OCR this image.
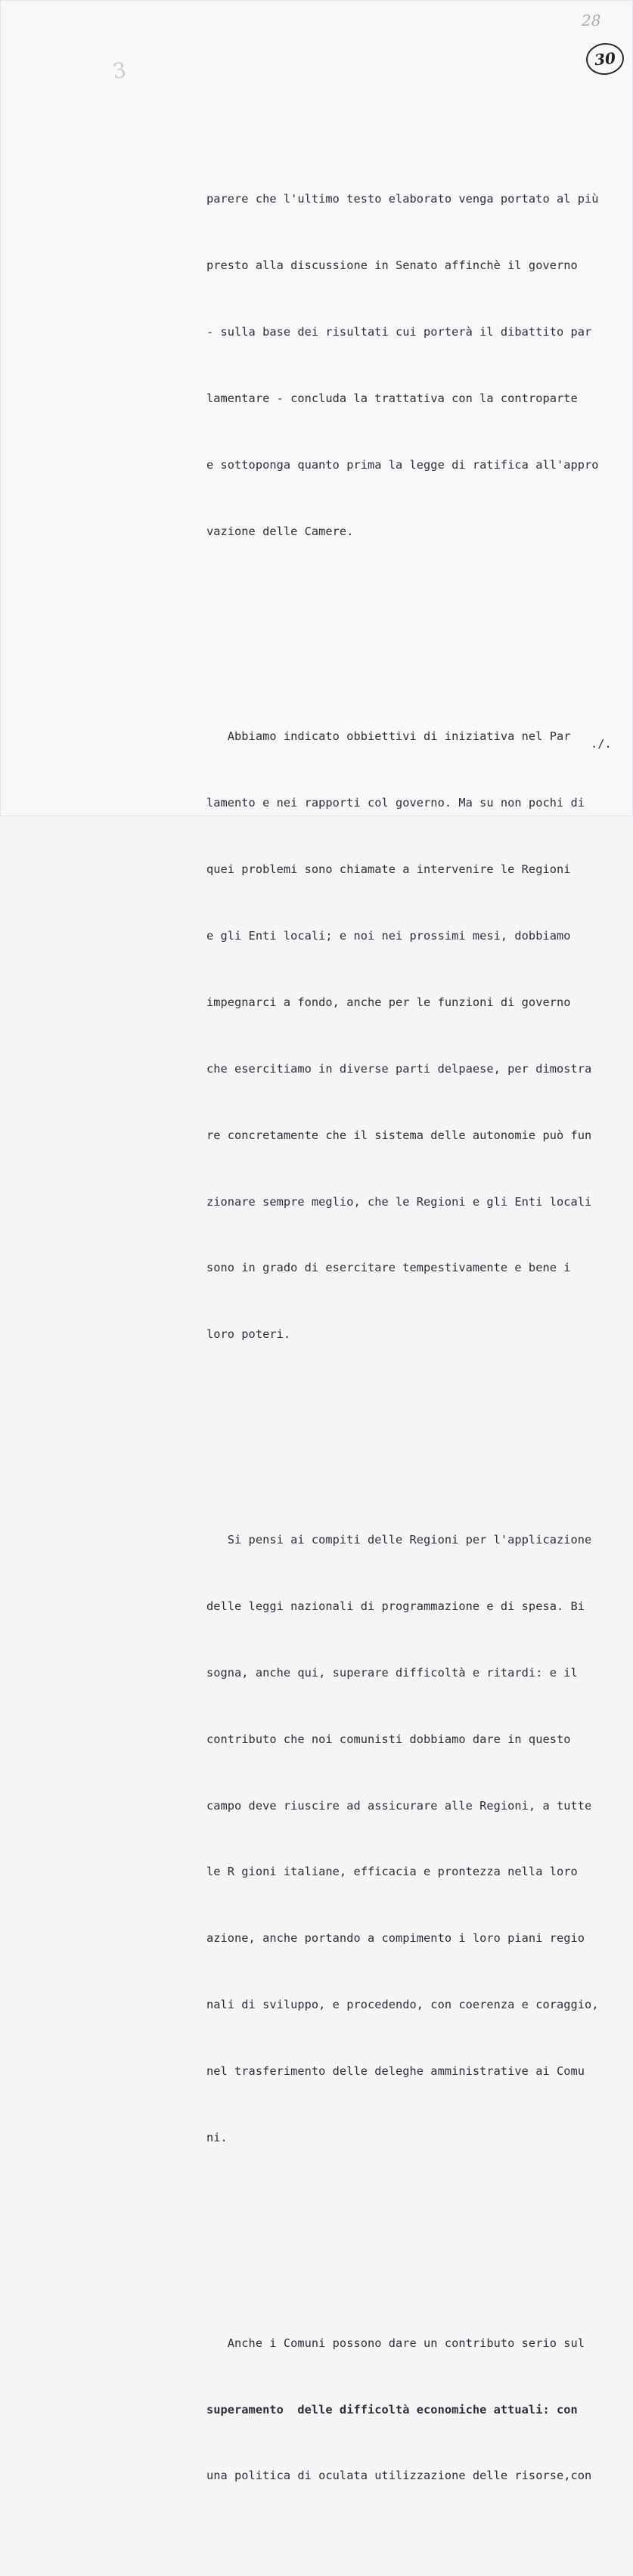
28
30
3

parere che l'ultimo testo elaborato venga portato al più

presto alla discussione in Senato affinchè il governo

- sulla base dei risultati cui porterà il dibattito par

lamentare - concluda la trattativa con la controparte

e sottoponga quanto prima la legge di ratifica all'appro

vazione delle Camere.

Abbiamo indicato obbiettivi di iniziativa nel Par

lamento e nei rapporti col governo. Ma su non pochi di

quei problemi sono chiamate a intervenire le Regioni

e gli Enti locali; e noi nei prossimi mesi, dobbiamo

impegnarci a fondo, anche per le funzioni di governo

che esercitiamo in diverse parti delpaese, per dimostra

re concretamente che il sistema delle autonomie può fun

zionare sempre meglio, che le Regioni e gli Enti locali

sono in grado di esercitare tempestivamente e bene i

loro poteri.

Si pensi ai compiti delle Regioni per l'applicazione

delle leggi nazionali di programmazione e di spesa. Bi

sogna, anche qui, superare difficoltà e ritardi: e il

contributo che noi comunisti dobbiamo dare in questo

campo deve riuscire ad assicurare alle Regioni, a tutte

le R gioni italiane, efficacia e prontezza nella loro

azione, anche portando a compimento i loro piani regio

nali di sviluppo, e procedendo, con coerenza e coraggio,

nel trasferimento delle deleghe amministrative ai Comu

ni.

Anche i Comuni possono dare un contributo serio sul

superamento  delle difficoltà economiche attuali: con

una politica di oculata utilizzazione delle risorse,con

./.
